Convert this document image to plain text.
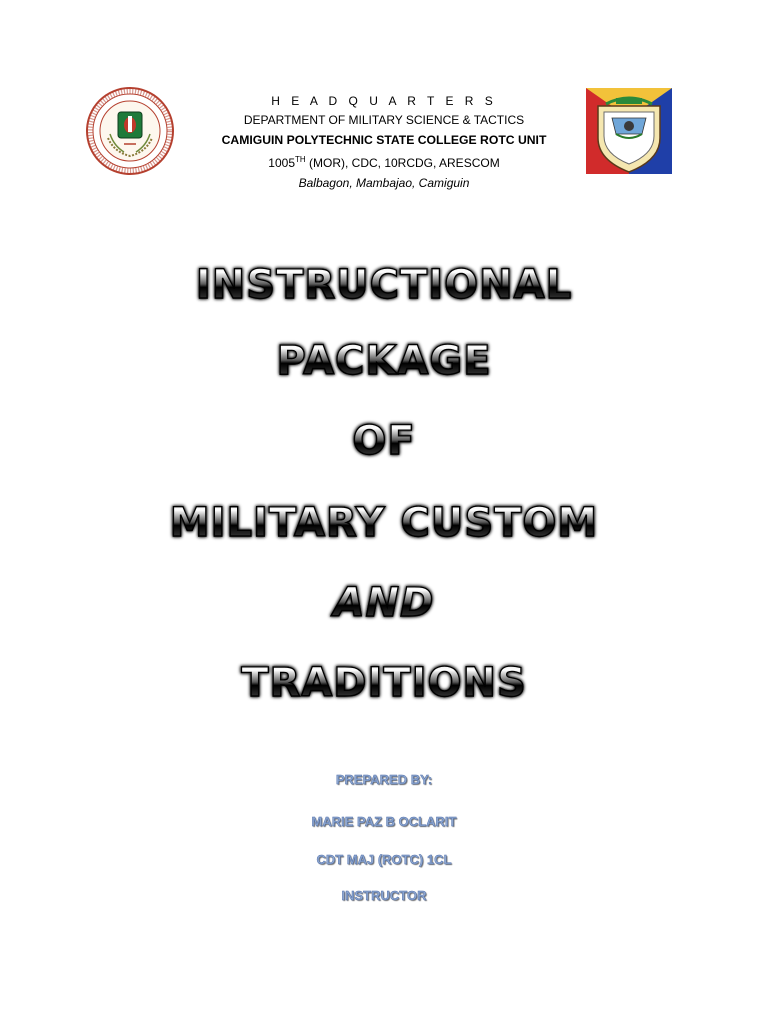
H E A D Q U A R T E R S
DEPARTMENT OF MILITARY SCIENCE & TACTICS
CAMIGUIN POLYTECHNIC STATE COLLEGE ROTC UNIT
1005TH (MOR), CDC, 10RCDG, ARESCOM
Balbagon, Mambajao, Camiguin
INSTRUCTIONAL
PACKAGE
OF
MILITARY CUSTOM
AND
TRADITIONS
PREPARED BY:
MARIE PAZ B OCLARIT
CDT MAJ (ROTC) 1CL
INSTRUCTOR
